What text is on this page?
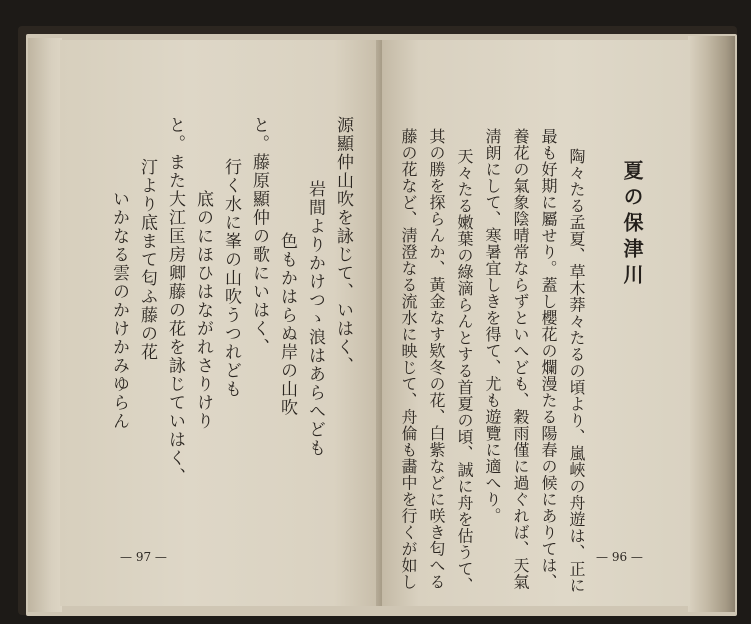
源顯仲山吹を詠じて、いはく、
岩間よりかけつゝ浪はあらへども
色もかはらぬ岸の山吹
と。藤原顯仲の歌にいはく、
行く水に峯の山吹うつれども
底のにほひはながれさりけり
と。また大江匡房卿藤の花を詠じていはく、
汀より底まて匂ふ藤の花
いかなる雲のかけかみゆらん
— 97 —
夏の保津川
陶々たる孟夏、草木莽々たるの頃より、嵐峽の舟遊は、正に
最も好期に屬せり。蓋し櫻花の爛漫たる陽春の候にありては、
養花の氣象陰晴常ならずといへども、穀雨僅に過ぐれば、天氣
淸朗にして、寒暑宜しきを得て、尤も遊覽に適へり。
天々たる嫩葉の綠滴らんとする首夏の頃、誠に舟を估うて、
其の勝を探らんか、黃金なす欵冬の花、白紫などに咲き匂へる
藤の花など、淸澄なる流水に映じて、舟倫も畵中を行くが如し	— 96 —
